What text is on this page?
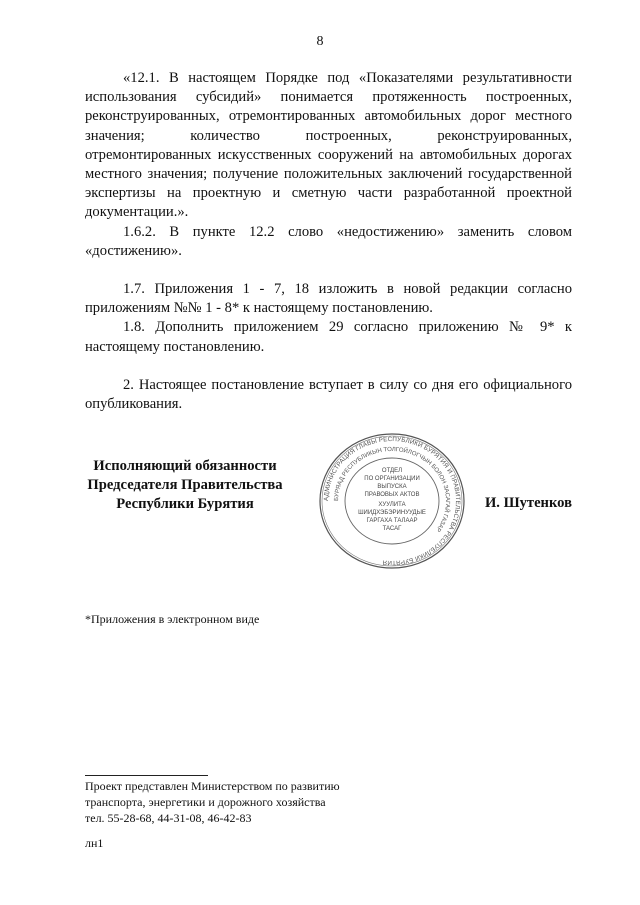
8

«12.1. В настоящем Порядке под «Показателями результативности использования субсидий» понимается протяженность построенных, реконструированных, отремонтированных автомобильных дорог местного значения; количество построенных, реконструированных, отремонтированных искусственных сооружений на автомобильных дорогах местного значения; получение положительных заключений государственной экспертизы на проектную и сметную части разработанной проектной документации.».

1.6.2. В пункте 12.2 слово «недостижению» заменить словом «достижению».

1.7. Приложения 1 - 7, 18 изложить в новой редакции согласно приложениям №№ 1 - 8* к настоящему постановлению.

1.8. Дополнить приложением 29 согласно приложению № 9* к настоящему постановлению.

2. Настоящее постановление вступает в силу со дня его официального опубликования.

Исполняющий обязанности
Председателя Правительства
Республики Бурятия	АДМИНИСТРАЦИЯ ГЛАВЫ РЕСПУБЛИКИ БУРЯТИЯ И ПРАВИТЕЛЬСТВА РЕСПУБЛИКИ БУРЯТИЯ
БУРЯАД РЕСПУБЛИКЫН ТОЛГОЙЛОГЧЫН БОЛОН ЗАСАГАЙ ГАЗАР
ОТДЕЛ
ПО ОРГАНИЗАЦИИ
ВЫПУСКА
ПРАВОВЫХ АКТОВ
ХУУЛИТА
ШИИДХЭБЭРИНУУДЫЕ
ГАРГАХА ТАЛААР
ТАСАГ
И. Шутенков
*Приложения в электронном виде
Проект представлен Министерством по развитию
транспорта, энергетики и дорожного хозяйства
тел. 55-28-68, 44-31-08, 46-42-83
лн1
